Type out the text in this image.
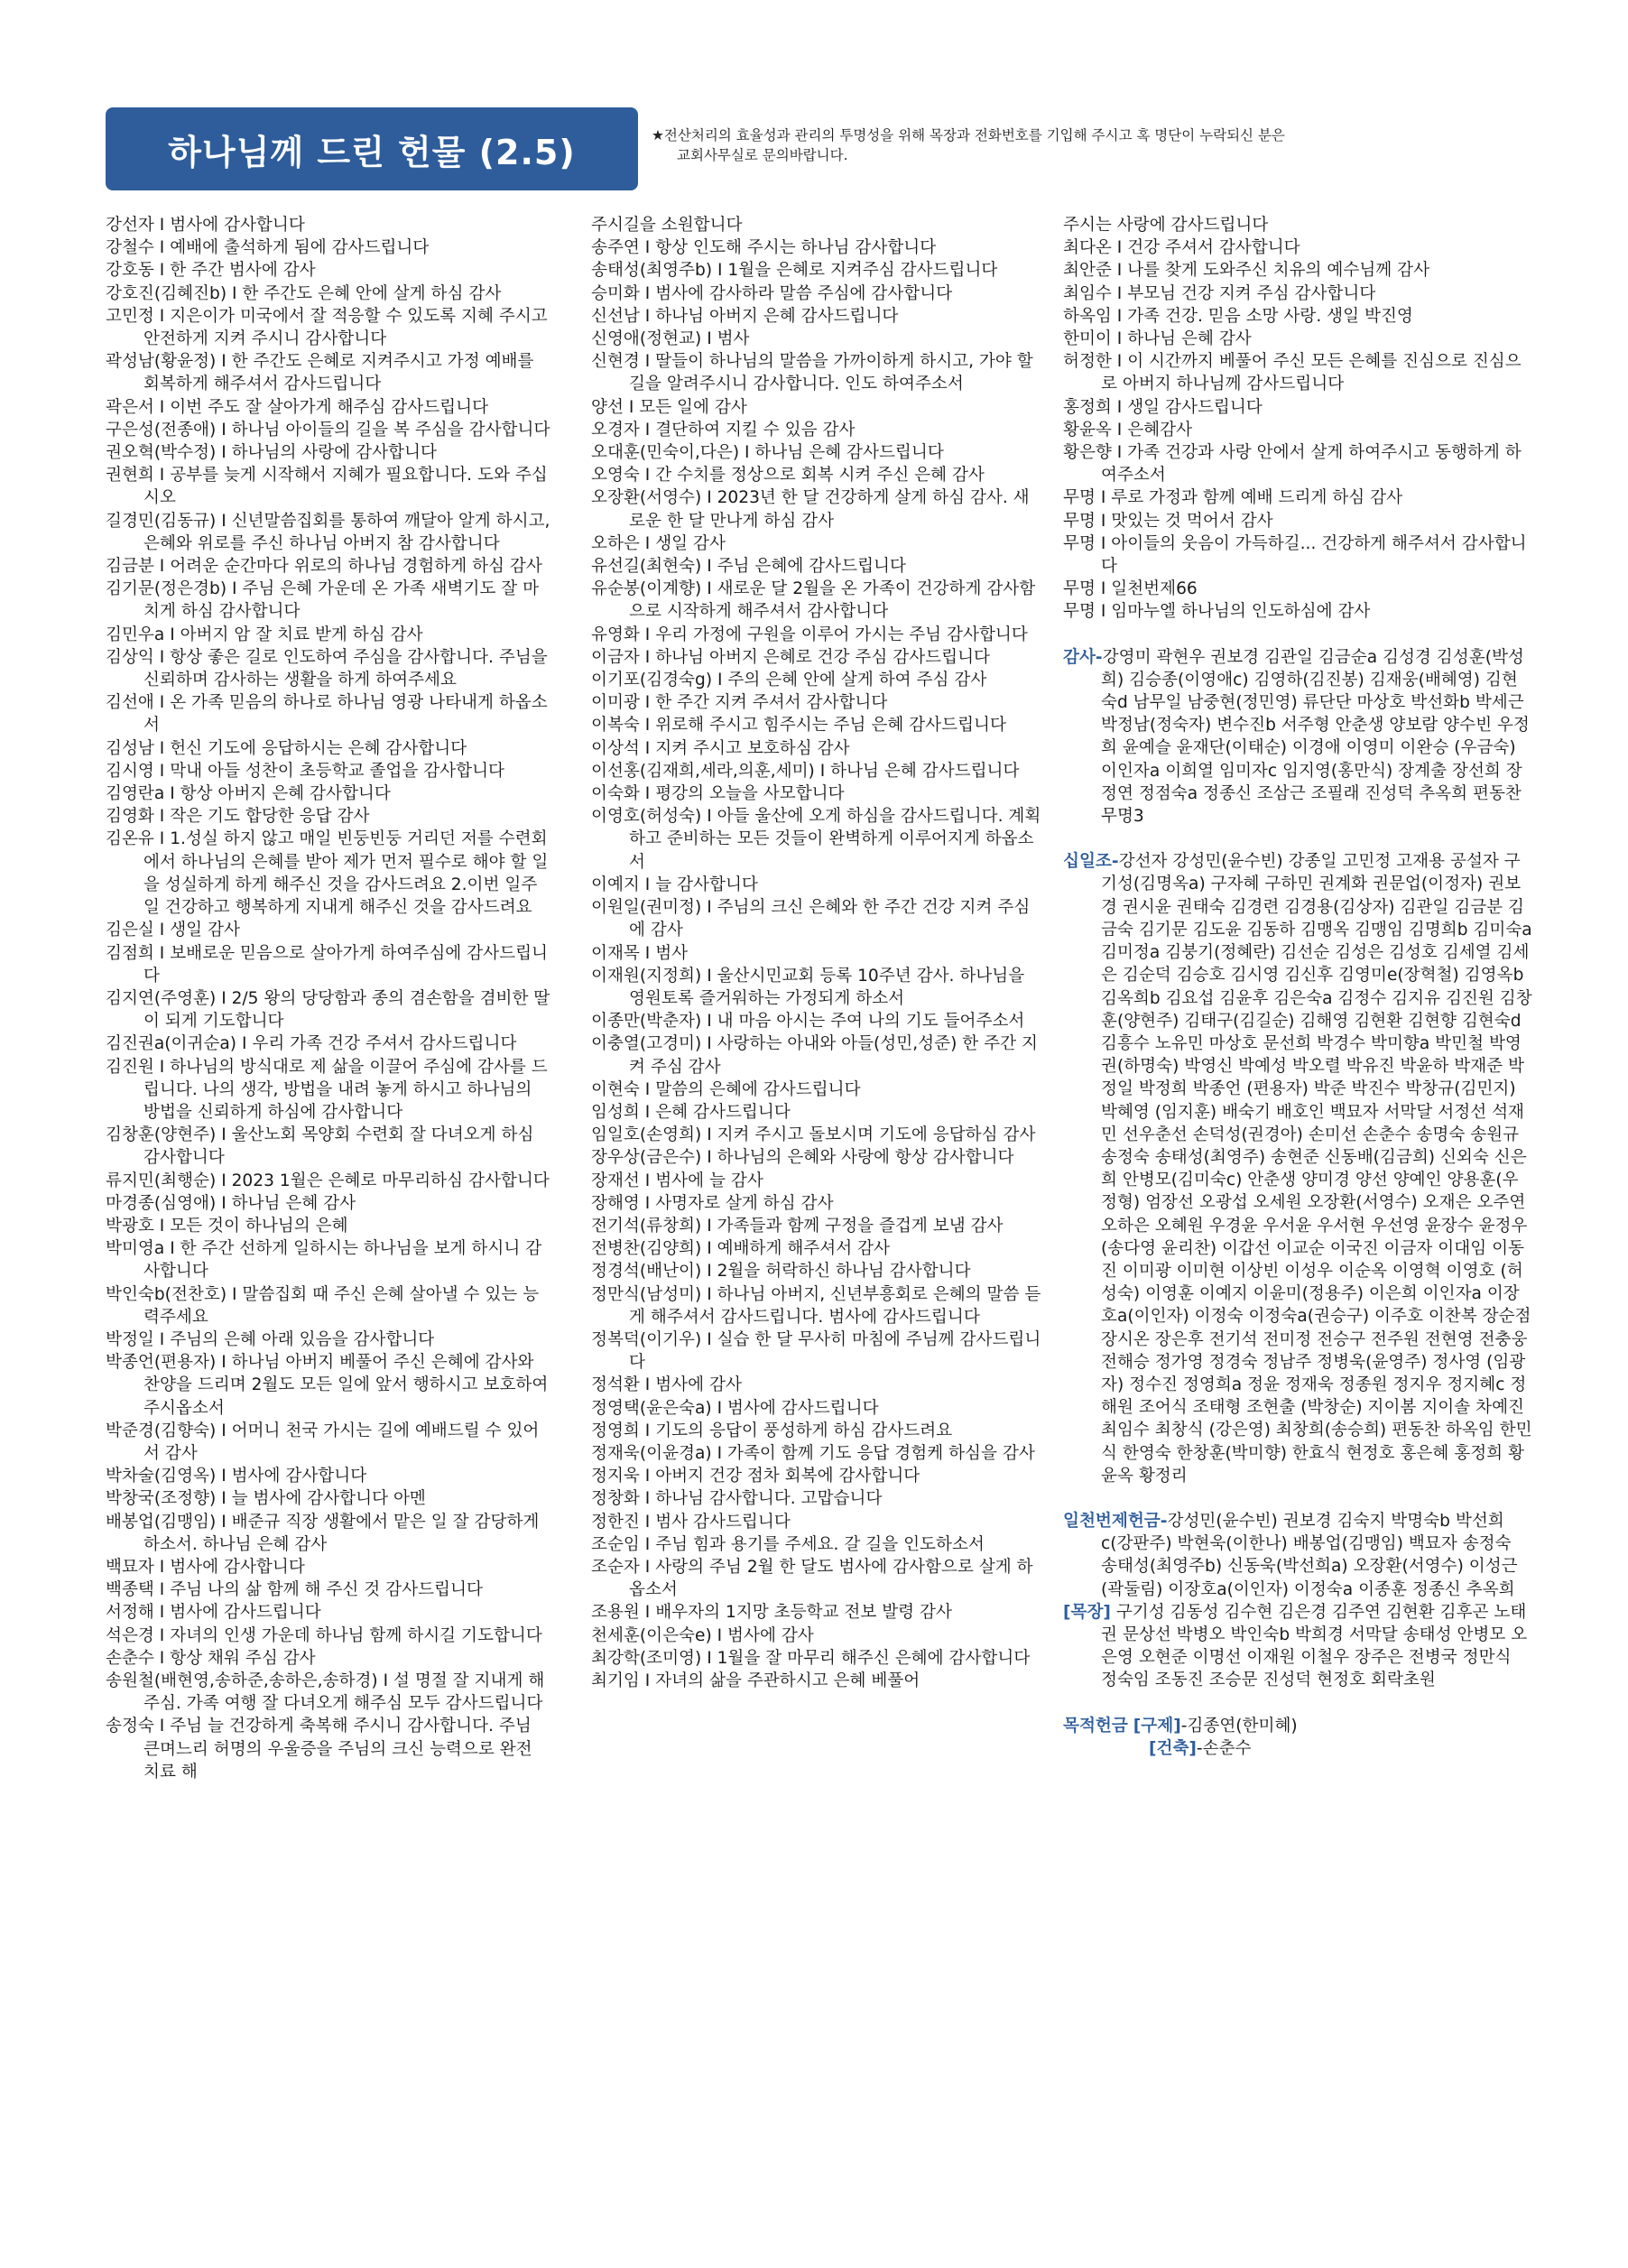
하나님께 드린 헌물 (2.5)	★전산처리의 효율성과 관리의 투명성을 위해 목장과 전화번호를 기입해 주시고 혹 명단이 누락되신 분은
교회사무실로 문의바랍니다.
강선자 I 범사에 감사합니다
강철수 I 예배에 출석하게 됨에 감사드립니다
강호동 I 한 주간 범사에 감사
강호진(김혜진b) I 한 주간도 은혜 안에 살게 하심 감사
고민정 I 지은이가 미국에서 잘 적응할 수 있도록 지혜 주시고 안전하게 지켜 주시니 감사합니다
곽성남(황윤정) I 한 주간도 은혜로 지켜주시고 가정 예배를 회복하게 해주셔서 감사드립니다
곽은서 I 이번 주도 잘 살아가게 해주심 감사드립니다
구은성(전종애) I 하나님 아이들의 길을 복 주심을 감사합니다
권오혁(박수정) I 하나님의 사랑에 감사합니다
권현희 I 공부를 늦게 시작해서 지혜가 필요합니다. 도와 주십시오
길경민(김동규) I 신년말씀집회를 통하여 깨달아 알게 하시고, 은혜와 위로를 주신 하나님 아버지 참 감사합니다
김금분 I 어려운 순간마다 위로의 하나님 경험하게 하심 감사
김기문(정은경b) I 주님 은혜 가운데 온 가족 새벽기도 잘 마치게 하심 감사합니다
김민우a I 아버지 암 잘 치료 받게 하심 감사
김상익 I 항상 좋은 길로 인도하여 주심을 감사합니다. 주님을 신뢰하며 감사하는 생활을 하게 하여주세요
김선애 I 온 가족 믿음의 하나로 하나님 영광 나타내게 하옵소서
김성남 I 헌신 기도에 응답하시는 은혜 감사합니다
김시영 I 막내 아들 성찬이 초등학교 졸업을 감사합니다
김영란a I 항상 아버지 은혜 감사합니다
김영화 I 작은 기도 합당한 응답 감사
김온유 I 1.성실 하지 않고 매일 빈둥빈둥 거리던 저를 수련회에서 하나님의 은혜를 받아 제가 먼저 필수로 해야 할 일을 성실하게 하게 해주신 것을 감사드려요 2.이번 일주일 건강하고 행복하게 지내게 해주신 것을 감사드려요
김은실 I 생일 감사
김점희 I 보배로운 믿음으로 살아가게 하여주심에 감사드립니다
김지연(주영훈) I 2/5 왕의 당당함과 종의 겸손함을 겸비한 딸이 되게 기도합니다
김진권a(이귀순a) I 우리 가족 건강 주셔서 감사드립니다
김진원 I 하나님의 방식대로 제 삶을 이끌어 주심에 감사를 드립니다. 나의 생각, 방법을 내려 놓게 하시고 하나님의 방법을 신뢰하게 하심에 감사합니다
김창훈(양현주) I 울산노회 목양회 수련회 잘 다녀오게 하심 감사합니다
류지민(최행순) I 2023 1월은 은혜로 마무리하심 감사합니다
마경종(심영애) I 하나님 은혜 감사
박광호 I 모든 것이 하나님의 은혜
박미영a I 한 주간 선하게 일하시는 하나님을 보게 하시니 감사합니다
박인숙b(전찬호) I 말씀집회 때 주신 은혜 살아낼 수 있는 능력주세요
박정일 I 주님의 은혜 아래 있음을 감사합니다
박종언(편용자) I 하나님 아버지 베풀어 주신 은혜에 감사와 찬양을 드리며 2월도 모든 일에 앞서 행하시고 보호하여 주시옵소서
박준경(김향숙) I 어머니 천국 가시는 길에 예배드릴 수 있어서 감사
박차술(김영옥) I 범사에 감사합니다
박창국(조정향) I 늘 범사에 감사합니다 아멘
배봉업(김맹임) I 배준규 직장 생활에서 맡은 일 잘 감당하게 하소서. 하나님 은혜 감사
백묘자 I 범사에 감사합니다
백종택 I 주님 나의 삶 함께 해 주신 것 감사드립니다
서정해 I 범사에 감사드립니다
석은경 I 자녀의 인생 가운데 하나님 함께 하시길 기도합니다
손춘수 I 항상 채워 주심 감사
송원철(배현영,송하준,송하은,송하경) I 설 명절 잘 지내게 해주심. 가족 여행 잘 다녀오게 해주심 모두 감사드립니다
송정숙 I 주님 늘 건강하게 축복해 주시니 감사합니다. 주님 큰며느리 허명의 우울증을 주님의 크신 능력으로 완전 치료 해
주시길을 소원합니다
송주연 I 항상 인도해 주시는 하나님 감사합니다
송태성(최영주b) I 1월을 은혜로 지켜주심 감사드립니다
승미화 I 범사에 감사하라 말씀 주심에 감사합니다
신선남 I 하나님 아버지 은혜 감사드립니다
신영애(정현교) I 범사
신현경 I 딸들이 하나님의 말씀을 가까이하게 하시고, 가야 할 길을 알려주시니 감사합니다. 인도 하여주소서
양선 I 모든 일에 감사
오경자 I 결단하여 지킬 수 있음 감사
오대훈(민숙이,다은) I 하나님 은혜 감사드립니다
오영숙 I 간 수치를 정상으로 회복 시켜 주신 은혜 감사
오장환(서영수) I 2023년 한 달 건강하게 살게 하심 감사. 새로운 한 달 만나게 하심 감사
오하은 I 생일 감사
유선길(최현숙) I 주님 은혜에 감사드립니다
유순봉(이계향) I 새로운 달 2월을 온 가족이 건강하게 감사함으로 시작하게 해주셔서 감사합니다
유영화 I 우리 가정에 구원을 이루어 가시는 주님 감사합니다
이금자 I 하나님 아버지 은혜로 건강 주심 감사드립니다
이기포(김경숙g) I 주의 은혜 안에 살게 하여 주심 감사
이미광 I 한 주간 지켜 주셔서 감사합니다
이복숙 I 위로해 주시고 힘주시는 주님 은혜 감사드립니다
이상석 I 지켜 주시고 보호하심 감사
이선홍(김재희,세라,의훈,세미) I 하나님 은혜 감사드립니다
이숙화 I 평강의 오늘을 사모합니다
이영호(허성숙) I 아들 울산에 오게 하심을 감사드립니다. 계획하고 준비하는 모든 것들이 완벽하게 이루어지게 하옵소서
이예지 I 늘 감사합니다
이원일(권미정) I 주님의 크신 은혜와 한 주간 건강 지켜 주심에 감사
이재목 I 범사
이재원(지정희) I 울산시민교회 등록 10주년 감사. 하나님을 영원토록 즐거워하는 가정되게 하소서
이종만(박춘자) I 내 마음 아시는 주여 나의 기도 들어주소서
이충열(고경미) I 사랑하는 아내와 아들(성민,성준) 한 주간 지켜 주심 감사
이현숙 I 말씀의 은혜에 감사드립니다
임성희 I 은혜 감사드립니다
임일호(손영희) I 지켜 주시고 돌보시며 기도에 응답하심 감사
장우상(금은수) I 하나님의 은혜와 사랑에 항상 감사합니다
장재선 I 범사에 늘 감사
장해영 I 사명자로 살게 하심 감사
전기석(류창희) I 가족들과 함께 구정을 즐겁게 보냄 감사
전병찬(김양희) I 예배하게 해주셔서 감사
정경석(배난이) I 2월을 허락하신 하나님 감사합니다
정만식(남성미) I 하나님 아버지, 신년부흥회로 은혜의 말씀 듣게 해주셔서 감사드립니다. 범사에 감사드립니다
정복덕(이기우) I 실습 한 달 무사히 마침에 주님께 감사드립니다
정석환 I 범사에 감사
정영택(윤은숙a) I 범사에 감사드립니다
정영희 I 기도의 응답이 풍성하게 하심 감사드려요
정재욱(이윤경a) I 가족이 함께 기도 응답 경험케 하심을 감사
정지욱 I 아버지 건강 점차 회복에 감사합니다
정창화 I 하나님 감사합니다. 고맙습니다
정한진 I 범사 감사드립니다
조순임 I 주님 힘과 용기를 주세요. 갈 길을 인도하소서
조순자 I 사랑의 주님 2월 한 달도 범사에 감사함으로 살게 하옵소서
조용원 I 배우자의 1지망 초등학교 전보 발령 감사
천세훈(이은숙e) I 범사에 감사
최강학(조미영) I 1월을 잘 마무리 해주신 은혜에 감사합니다
최기임 I 자녀의 삶을 주관하시고 은혜 베풀어
주시는 사랑에 감사드립니다
최다온 I 건강 주셔서 감사합니다
최안준 I 나를 찾게 도와주신 치유의 예수님께 감사
최임수 I 부모님 건강 지켜 주심 감사합니다
하옥임 I 가족 건강. 믿음 소망 사랑. 생일 박진영
한미이 I 하나님 은혜 감사
허정한 I 이 시간까지 베풀어 주신 모든 은혜를 진심으로 진심으로 아버지 하나님께 감사드립니다
홍정희 I 생일 감사드립니다
황윤옥 I 은혜감사
황은향 I 가족 건강과 사랑 안에서 살게 하여주시고 동행하게 하여주소서
무명 I 루로 가정과 함께 예배 드리게 하심 감사
무명 I 맛있는 것 먹어서 감사
무명 I 아이들의 웃음이 가득하길... 건강하게 해주셔서 감사합니다
무명 I 일천번제66
무명 I 임마누엘 하나님의 인도하심에 감사
감사-강영미 곽현우 권보경 김관일 김금순a 김성경 김성훈(박성희) 김승종(이영애c) 김영하(김진봉) 김재웅(배혜영) 김현숙d 남무일 남중현(정민영) 류단단 마상호 박선화b 박세근 박정남(정숙자) 변수진b 서주형 안춘생 양보람 양수빈 우정희 윤예슬 윤재단(이태순) 이경애 이영미 이완승 (우금숙) 이인자a 이희열 임미자c 임지영(홍만식) 장계출 장선희 장정연 정점숙a 정종신 조삼근 조필래 진성덕 추옥희 편동찬 무명3
십일조-강선자 강성민(윤수빈) 강종일 고민정 고재용 공설자 구기성(김명옥a) 구자혜 구하민 권계화 권문업(이정자) 권보경 권시윤 권태숙 김경련 김경용(김상자) 김관일 김금분 김금숙 김기문 김도윤 김동하 김맹옥 김맹임 김명희b 김미숙a 김미정a 김붕기(정혜란) 김선순 김성은 김성호 김세열 김세은 김순덕 김승호 김시영 김신후 김영미e(장혁철) 김영옥b 김옥희b 김요섭 김윤후 김은숙a 김정수 김지유 김진원 김창훈(양현주) 김태구(김길순) 김해영 김현환 김현향 김현숙d 김흥수 노유민 마상호 문선희 박경수 박미향a 박민철 박영권(하명숙) 박영신 박예성 박오렬 박유진 박윤하 박재준 박정일 박정희 박종언 (편용자) 박준 박진수 박창규(김민지) 박혜영 (임지훈) 배숙기 배호인 백묘자 서막달 서정선 석재민 선우춘선 손덕성(권경아) 손미선 손춘수 송명숙 송원규 송정숙 송태성(최영주) 송현준 신동배(김금희) 신외숙 신은희 안병모(김미숙c) 안춘생 양미경 양선 양예인 양용훈(우정형) 엄장선 오광섭 오세원 오장환(서영수) 오재은 오주연 오하은 오혜원 우경윤 우서윤 우서현 우선영 윤장수 윤정우(송다영 윤리찬) 이갑선 이교순 이국진 이금자 이대임 이동진 이미광 이미현 이상빈 이성우 이순옥 이영혁 이영호 (허성숙) 이영훈 이예지 이윤미(정용주) 이은희 이인자a 이장호a(이인자) 이정숙 이정숙a(권승구) 이주호 이찬복 장순점 장시온 장은후 전기석 전미정 전승구 전주원 전현영 전충웅 전해승 정가영 정경숙 정남주 정병욱(윤영주) 정사영 (임광자) 정수진 정영희a 정윤 정재욱 정종원 정지우 정지혜c 정해원 조어식 조태형 조현출 (박창순) 지이봄 지이솔 차예진 최임수 최창식 (강은영) 최창희(송승희) 편동찬 하옥임 한민식 한영숙 한창훈(박미향) 한효식 현정호 홍은혜 홍정희 황윤옥 황정리
일천번제헌금-강성민(윤수빈) 권보경 김숙지 박명숙b 박선희c(강판주) 박현욱(이한나) 배봉업(김맹임) 백묘자 송정숙 송태성(최영주b) 신동욱(박선희a) 오장환(서영수) 이성근(곽둘림) 이장호a(이인자) 이정숙a 이종훈 정종신 추옥희
[목장] 구기성 김동성 김수현 김은경 김주연 김현환 김후곤 노태권 문상선 박병오 박인숙b 박희경 서막달 송태성 안병모 오은영 오현준 이명선 이재원 이철우 장주은 전병국 정만식 정숙임 조동진 조승문 진성덕 현정호 회락초원
목적헌금 [구제]-김종연(한미혜)
[건축]-손춘수
